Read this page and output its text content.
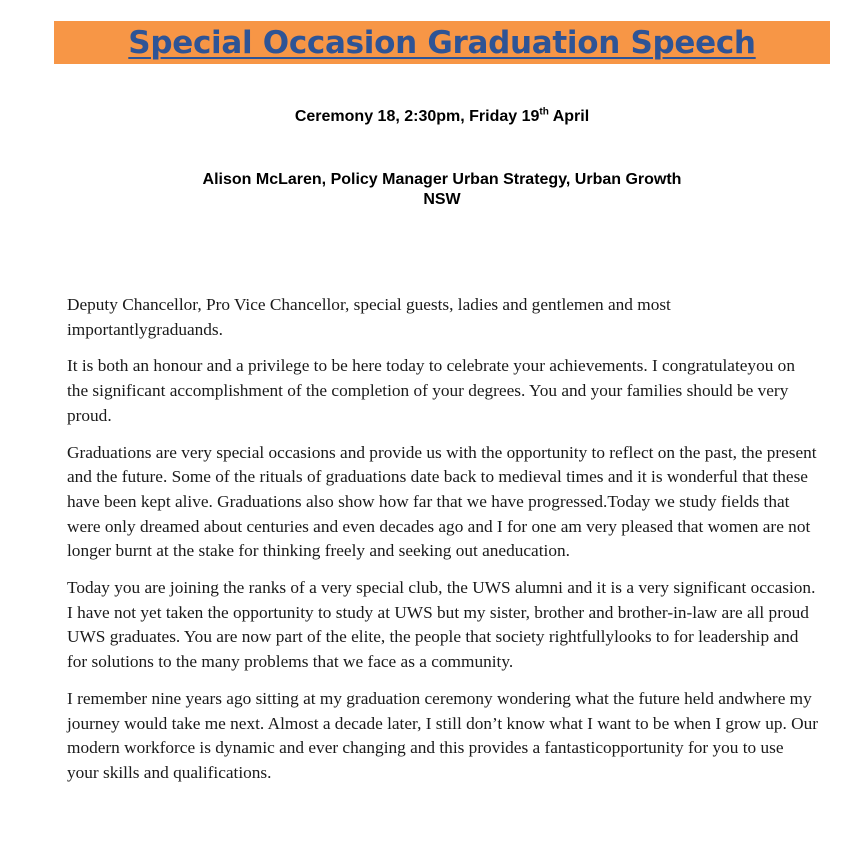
Special Occasion Graduation Speech
Ceremony 18, 2:30pm, Friday 19th April
Alison McLaren, Policy Manager Urban Strategy, Urban Growth
NSW

Deputy Chancellor, Pro Vice Chancellor, special guests, ladies and gentlemen and most importantlygraduands.

It is both an honour and a privilege to be here today to celebrate your achievements. I congratulateyou on the significant accomplishment of the completion of your degrees. You and your families should be very proud.

Graduations are very special occasions and provide us with the opportunity to reflect on the past, the present and the future. Some of the rituals of graduations date back to medieval times and it is wonderful that these have been kept alive. Graduations also show how far that we have progressed.Today we study fields that were only dreamed about centuries and even decades ago and I for one am very pleased that women are not longer burnt at the stake for thinking freely and seeking out aneducation.

Today you are joining the ranks of a very special club, the UWS alumni and it is a very significant occasion. I have not yet taken the opportunity to study at UWS but my sister, brother and brother-in-law are all proud UWS graduates. You are now part of the elite, the people that society rightfullylooks to for leadership and for solutions to the many problems that we face as a community.

I remember nine years ago sitting at my graduation ceremony wondering what the future held andwhere my journey would take me next. Almost a decade later, I still don’t know what I want to be when I grow up. Our modern workforce is dynamic and ever changing and this provides a fantasticopportunity for you to use your skills and qualifications.
